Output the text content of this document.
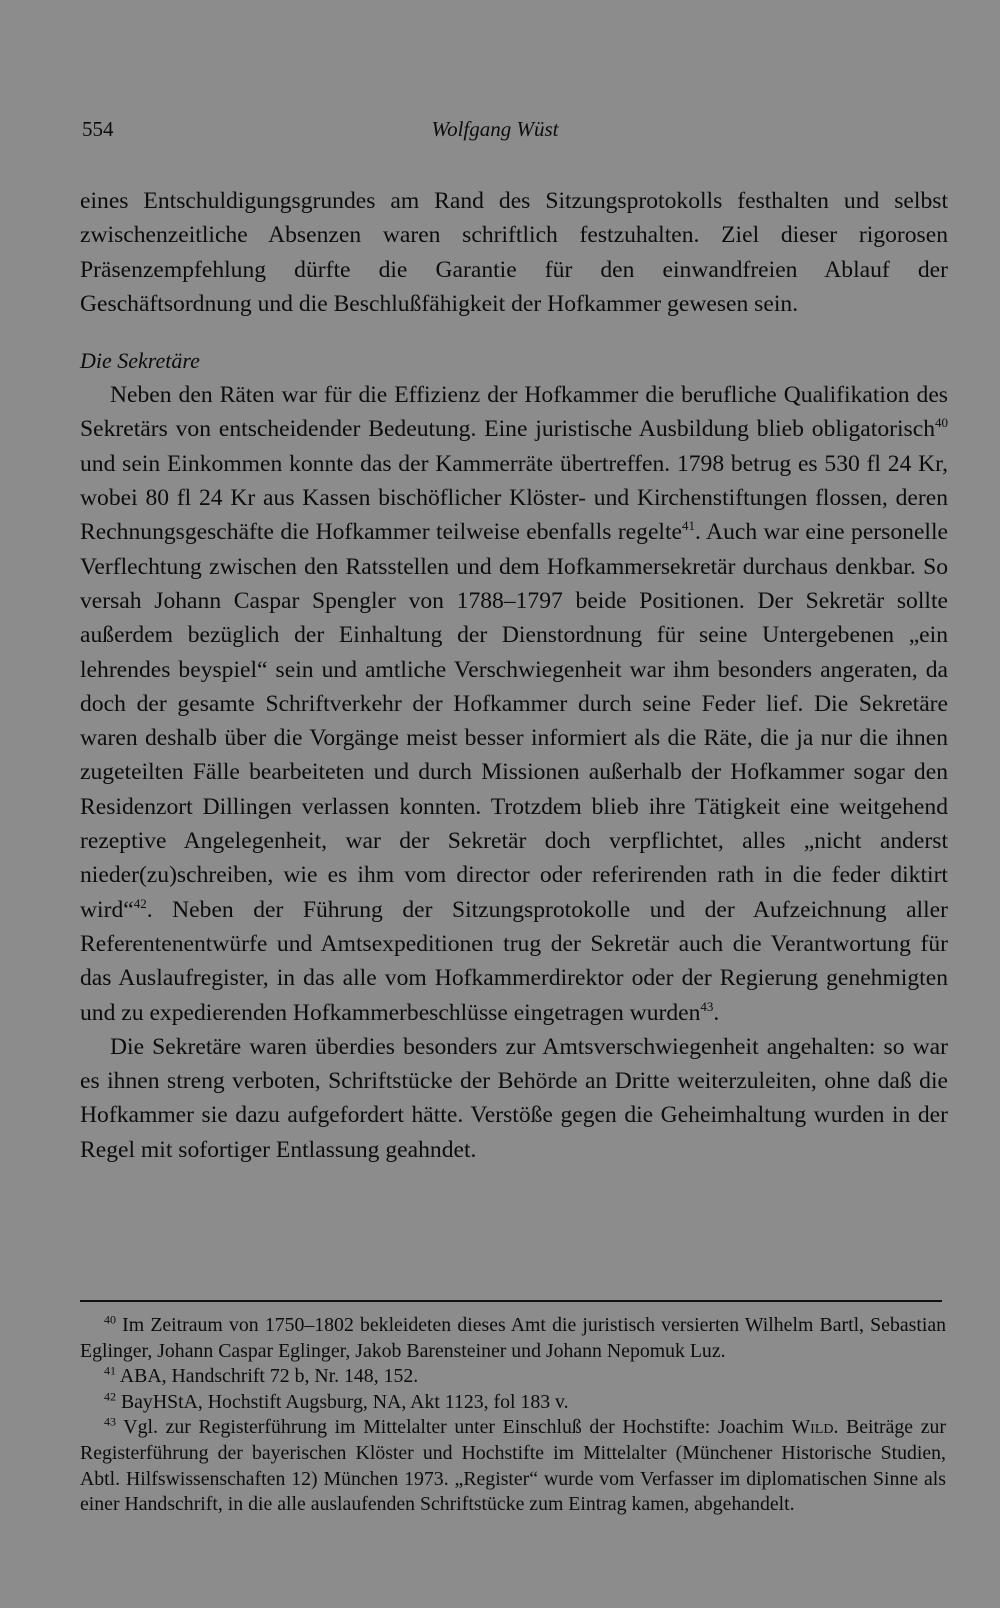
554	Wolfgang Wüst

eines Entschuldigungsgrundes am Rand des Sitzungsprotokolls festhalten und selbst zwischenzeitliche Absenzen waren schriftlich festzuhalten. Ziel dieser rigorosen Präsenzempfehlung dürfte die Garantie für den einwandfreien Ablauf der Geschäftsordnung und die Beschlußfähigkeit der Hofkammer gewesen sein.

Die Sekretäre

Neben den Räten war für die Effizienz der Hofkammer die berufliche Qualifikation des Sekretärs von entscheidender Bedeutung. Eine juristische Ausbildung blieb obligatorisch$^{40}$ und sein Einkommen konnte das der Kammerräte übertreffen. 1798 betrug es 530 fl 24 Kr, wobei 80 fl 24 Kr aus Kassen bischöflicher Klöster- und Kirchenstiftungen flossen, deren Rechnungsgeschäfte die Hofkammer teilweise ebenfalls regelte$^{41}$. Auch war eine personelle Verflechtung zwischen den Ratsstellen und dem Hofkammersekretär durchaus denkbar. So versah Johann Caspar Spengler von 1788–1797 beide Positionen. Der Sekretär sollte außerdem bezüglich der Einhaltung der Dienstordnung für seine Untergebenen „ein lehrendes beyspiel“ sein und amtliche Verschwiegenheit war ihm besonders angeraten, da doch der gesamte Schriftverkehr der Hofkammer durch seine Feder lief. Die Sekretäre waren deshalb über die Vorgänge meist besser informiert als die Räte, die ja nur die ihnen zugeteilten Fälle bearbeiteten und durch Missionen außerhalb der Hofkammer sogar den Residenzort Dillingen verlassen konnten. Trotzdem blieb ihre Tätigkeit eine weitgehend rezeptive Angelegenheit, war der Sekretär doch verpflichtet, alles „nicht anderst nieder(zu)schreiben, wie es ihm vom director oder referirenden rath in die feder diktirt wird“$^{42}$. Neben der Führung der Sitzungsprotokolle und der Aufzeichnung aller Referentenentwürfe und Amtsexpeditionen trug der Sekretär auch die Verantwortung für das Auslaufregister, in das alle vom Hofkammerdirektor oder der Regierung genehmigten und zu expedierenden Hofkammerbeschlüsse eingetragen wurden$^{43}$.

Die Sekretäre waren überdies besonders zur Amtsverschwiegenheit angehalten: so war es ihnen streng verboten, Schriftstücke der Behörde an Dritte weiterzuleiten, ohne daß die Hofkammer sie dazu aufgefordert hätte. Verstöße gegen die Geheimhaltung wurden in der Regel mit sofortiger Entlassung geahndet.

$^{40}$ Im Zeitraum von 1750–1802 bekleideten dieses Amt die juristisch versierten Wilhelm Bartl, Sebastian Eglinger, Johann Caspar Eglinger, Jakob Barensteiner und Johann Nepomuk Luz.

$^{41}$ ABA, Handschrift 72 b, Nr. 148, 152.

$^{42}$ BayHStA, Hochstift Augsburg, NA, Akt 1123, fol 183 v.

$^{43}$ Vgl. zur Registerführung im Mittelalter unter Einschluß der Hochstifte: Joachim Wild. Beiträge zur Registerführung der bayerischen Klöster und Hochstifte im Mittelalter (Münchener Historische Studien, Abtl. Hilfswissenschaften 12) München 1973. „Register“ wurde vom Verfasser im diplomatischen Sinne als einer Handschrift, in die alle auslaufenden Schriftstücke zum Eintrag kamen, abgehandelt.
